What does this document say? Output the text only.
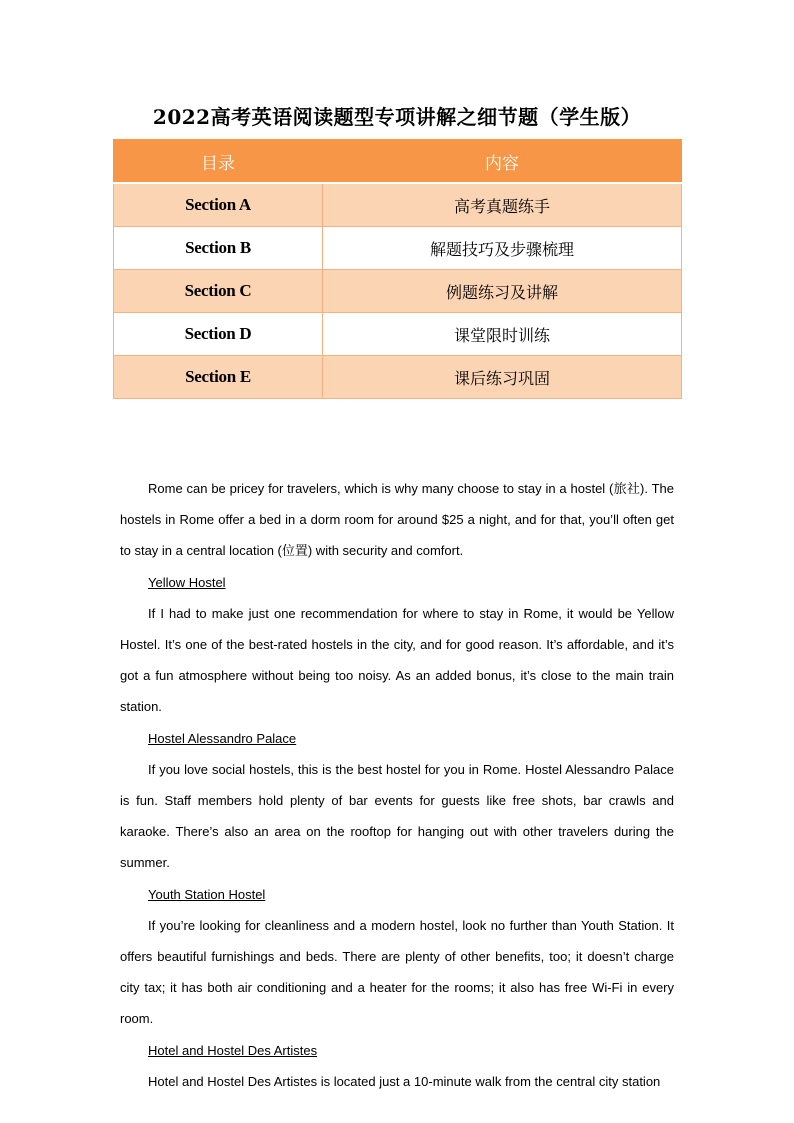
2022高考英语阅读题型专项讲解之细节题（学生版）
目录	内容
Section A	高考真题练手
Section B	解题技巧及步骤梳理
Section C	例题练习及讲解
Section D	课堂限时训练
Section E	课后练习巩固

Rome can be pricey for travelers, which is why many choose to stay in a hostel (旅社). The hostels in Rome offer a bed in a dorm room for around $25 a night, and for that, you’ll often get to stay in a central location (位置) with security and comfort.

Yellow Hostel

If I had to make just one recommendation for where to stay in Rome, it would be Yellow Hostel. It’s one of the best-rated hostels in the city, and for good reason. It’s affordable, and it’s got a fun atmosphere without being too noisy. As an added bonus, it’s close to the main train station.

Hostel Alessandro Palace

If you love social hostels, this is the best hostel for you in Rome. Hostel Alessandro Palace is fun. Staff members hold plenty of bar events for guests like free shots, bar crawls and karaoke. There’s also an area on the rooftop for hanging out with other travelers during the summer.

Youth Station Hostel

If you’re looking for cleanliness and a modern hostel, look no further than Youth Station. It offers beautiful furnishings and beds. There are plenty of other benefits, too; it doesn’t charge city tax; it has both air conditioning and a heater for the rooms; it also has free Wi-Fi in every room.

Hotel and Hostel Des Artistes

Hotel and Hostel Des Artistes is located just a 10-minute walk from the central city station
